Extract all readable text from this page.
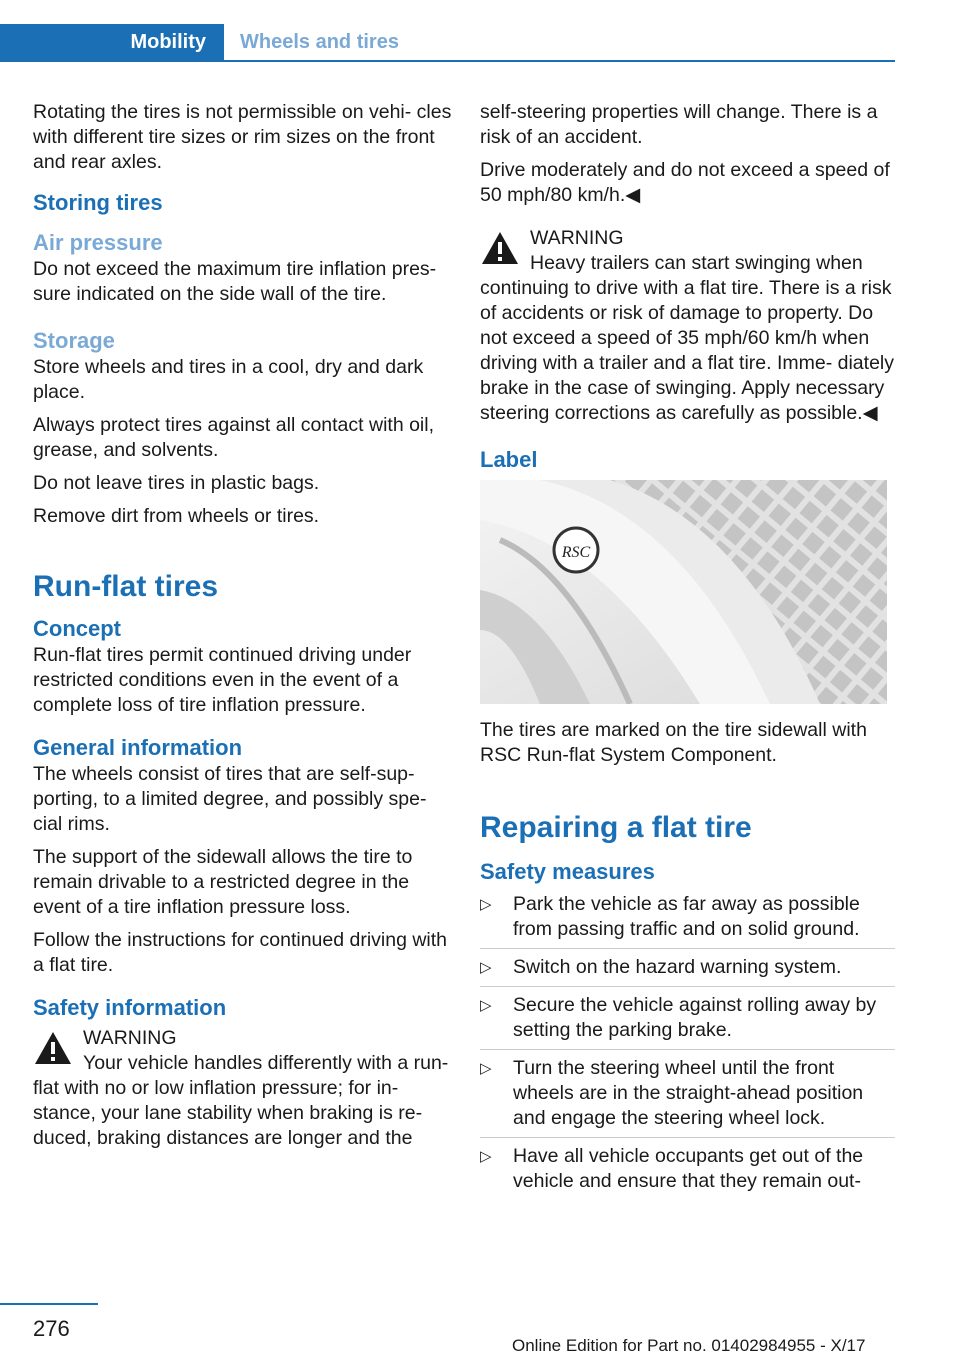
Mobility Wheels and tires

Rotating the tires is not permissible on vehi‐ cles with different tire sizes or rim sizes on the front and rear axles.

Storing tires
Air pressure

Do not exceed the maximum tire inflation pres‐ sure indicated on the side wall of the tire.

Storage

Store wheels and tires in a cool, dry and dark place.

Always protect tires against all contact with oil, grease, and solvents.

Do not leave tires in plastic bags.

Remove dirt from wheels or tires.

Run-flat tires
Concept

Run-flat tires permit continued driving under restricted conditions even in the event of a complete loss of tire inflation pressure.

General information

The wheels consist of tires that are self-sup‐ porting, to a limited degree, and possibly spe‐ cial rims.

The support of the sidewall allows the tire to remain drivable to a restricted degree in the event of a tire inflation pressure loss.

Follow the instructions for continued driving with a flat tire.

Safety information
WARNING
Your vehicle handles differently with a run-flat with no or low inflation pressure; for in‐ stance, your lane stability when braking is re‐ duced, braking distances are longer and the

self-steering properties will change. There is a risk of an accident.

Drive moderately and do not exceed a speed of 50 mph/80 km/h.◀

WARNING
Heavy trailers can start swinging when continuing to drive with a flat tire. There is a risk of accidents or risk of damage to property. Do not exceed a speed of 35 mph/60 km/h when driving with a trailer and a flat tire. Imme‐ diately brake in the case of swinging. Apply necessary steering corrections as carefully as possible.◀
Label
RSC

The tires are marked on the tire sidewall with RSC Run-flat System Component.

Repairing a flat tire
Safety measures
▷ Park the vehicle as far away as possible from passing traffic and on solid ground.
▷ Switch on the hazard warning system.
▷ Secure the vehicle against rolling away by setting the parking brake.
▷ Turn the steering wheel until the front wheels are in the straight-ahead position and engage the steering wheel lock.
▷ Have all vehicle occupants get out of the vehicle and ensure that they remain out‐
276
Online Edition for Part no. 01402984955 - X/17
